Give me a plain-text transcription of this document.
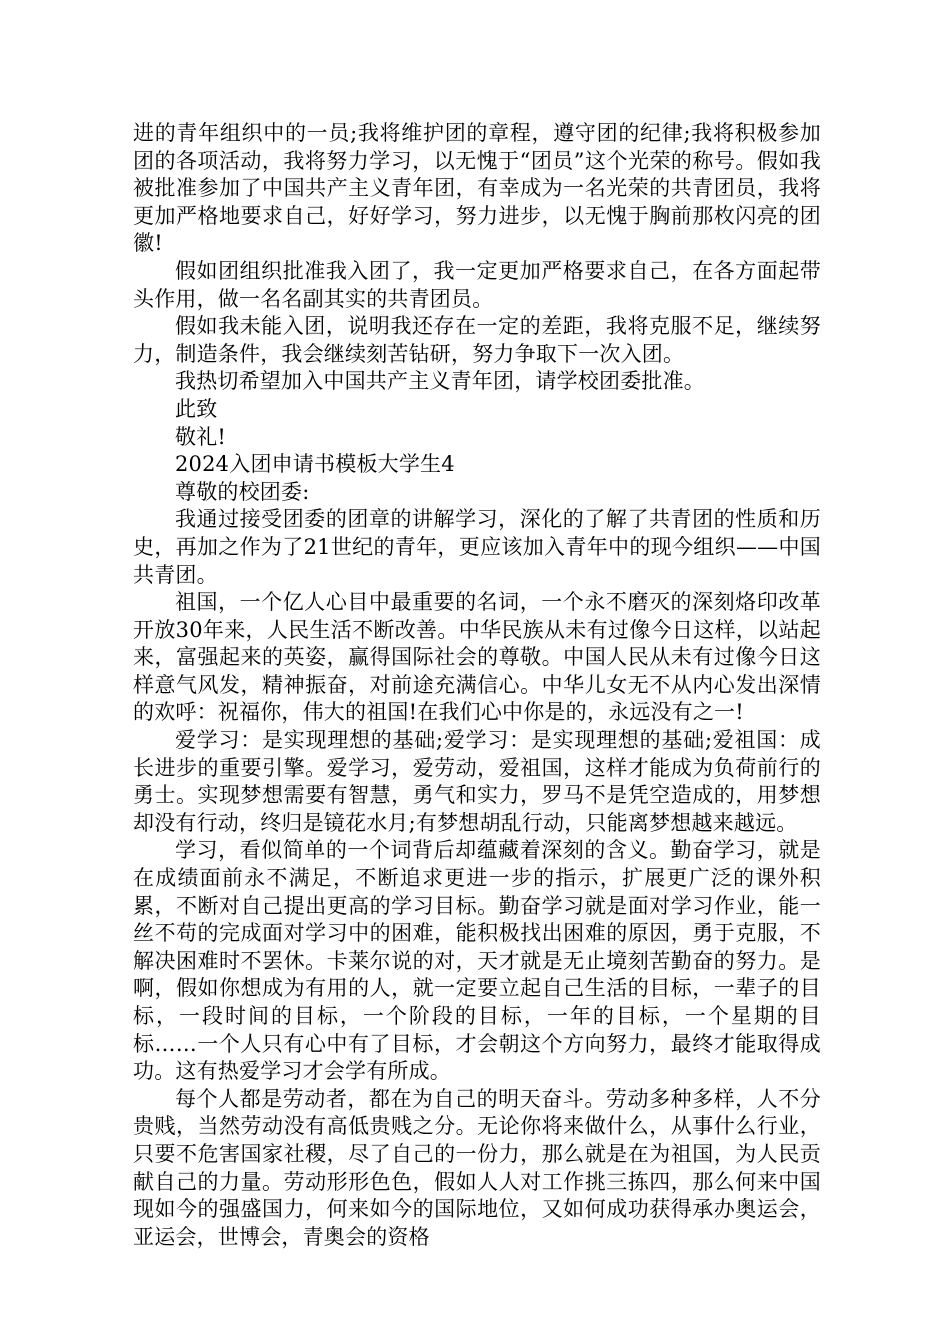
进的青年组织中的一员;我将维护团的章程，遵守团的纪律;我将积极参加团的各项活动，我将努力学习，以无愧于“团员”这个光荣的称号。假如我被批准参加了中国共产主义青年团，有幸成为一名光荣的共青团员，我将更加严格地要求自己，好好学习，努力进步，以无愧于胸前那枚闪亮的团徽!

假如团组织批准我入团了，我一定更加严格要求自己，在各方面起带头作用，做一名名副其实的共青团员。

假如我未能入团，说明我还存在一定的差距，我将克服不足，继续努力，制造条件，我会继续刻苦钻研，努力争取下一次入团。

我热切希望加入中国共产主义青年团，请学校团委批准。

此致

敬礼!

2024入团申请书模板大学生4

尊敬的校团委:

我通过接受团委的团章的讲解学习，深化的了解了共青团的性质和历史，再加之作为了21世纪的青年，更应该加入青年中的现今组织——中国共青团。

祖国，一个亿人心目中最重要的名词，一个永不磨灭的深刻烙印改革开放30年来，人民生活不断改善。中华民族从未有过像今日这样，以站起来，富强起来的英姿，赢得国际社会的尊敬。中国人民从未有过像今日这样意气风发，精神振奋，对前途充满信心。中华儿女无不从内心发出深情的欢呼：祝福你，伟大的祖国!在我们心中你是的，永远没有之一!

爱学习：是实现理想的基础;爱学习：是实现理想的基础;爱祖国：成长进步的重要引擎。爱学习，爱劳动，爱祖国，这样才能成为负荷前行的勇士。实现梦想需要有智慧，勇气和实力，罗马不是凭空造成的，用梦想却没有行动，终归是镜花水月;有梦想胡乱行动，只能离梦想越来越远。

学习，看似简单的一个词背后却蕴藏着深刻的含义。勤奋学习，就是在成绩面前永不满足，不断追求更进一步的指示，扩展更广泛的课外积累，不断对自己提出更高的学习目标。勤奋学习就是面对学习作业，能一丝不苟的完成面对学习中的困难，能积极找出困难的原因，勇于克服，不解决困难时不罢休。卡莱尔说的对，天才就是无止境刻苦勤奋的努力。是啊，假如你想成为有用的人，就一定要立起自己生活的目标，一辈子的目标，一段时间的目标，一个阶段的目标，一年的目标，一个星期的目标……一个人只有心中有了目标，才会朝这个方向努力，最终才能取得成功。这有热爱学习才会学有所成。

每个人都是劳动者，都在为自己的明天奋斗。劳动多种多样，人不分贵贱，当然劳动没有高低贵贱之分。无论你将来做什么，从事什么行业，只要不危害国家社稷，尽了自己的一份力，那么就是在为祖国，为人民贡献自己的力量。劳动形形色色，假如人人对工作挑三拣四，那么何来中国现如今的强盛国力，何来如今的国际地位，又如何成功获得承办奥运会，亚运会，世博会，青奥会的资格
